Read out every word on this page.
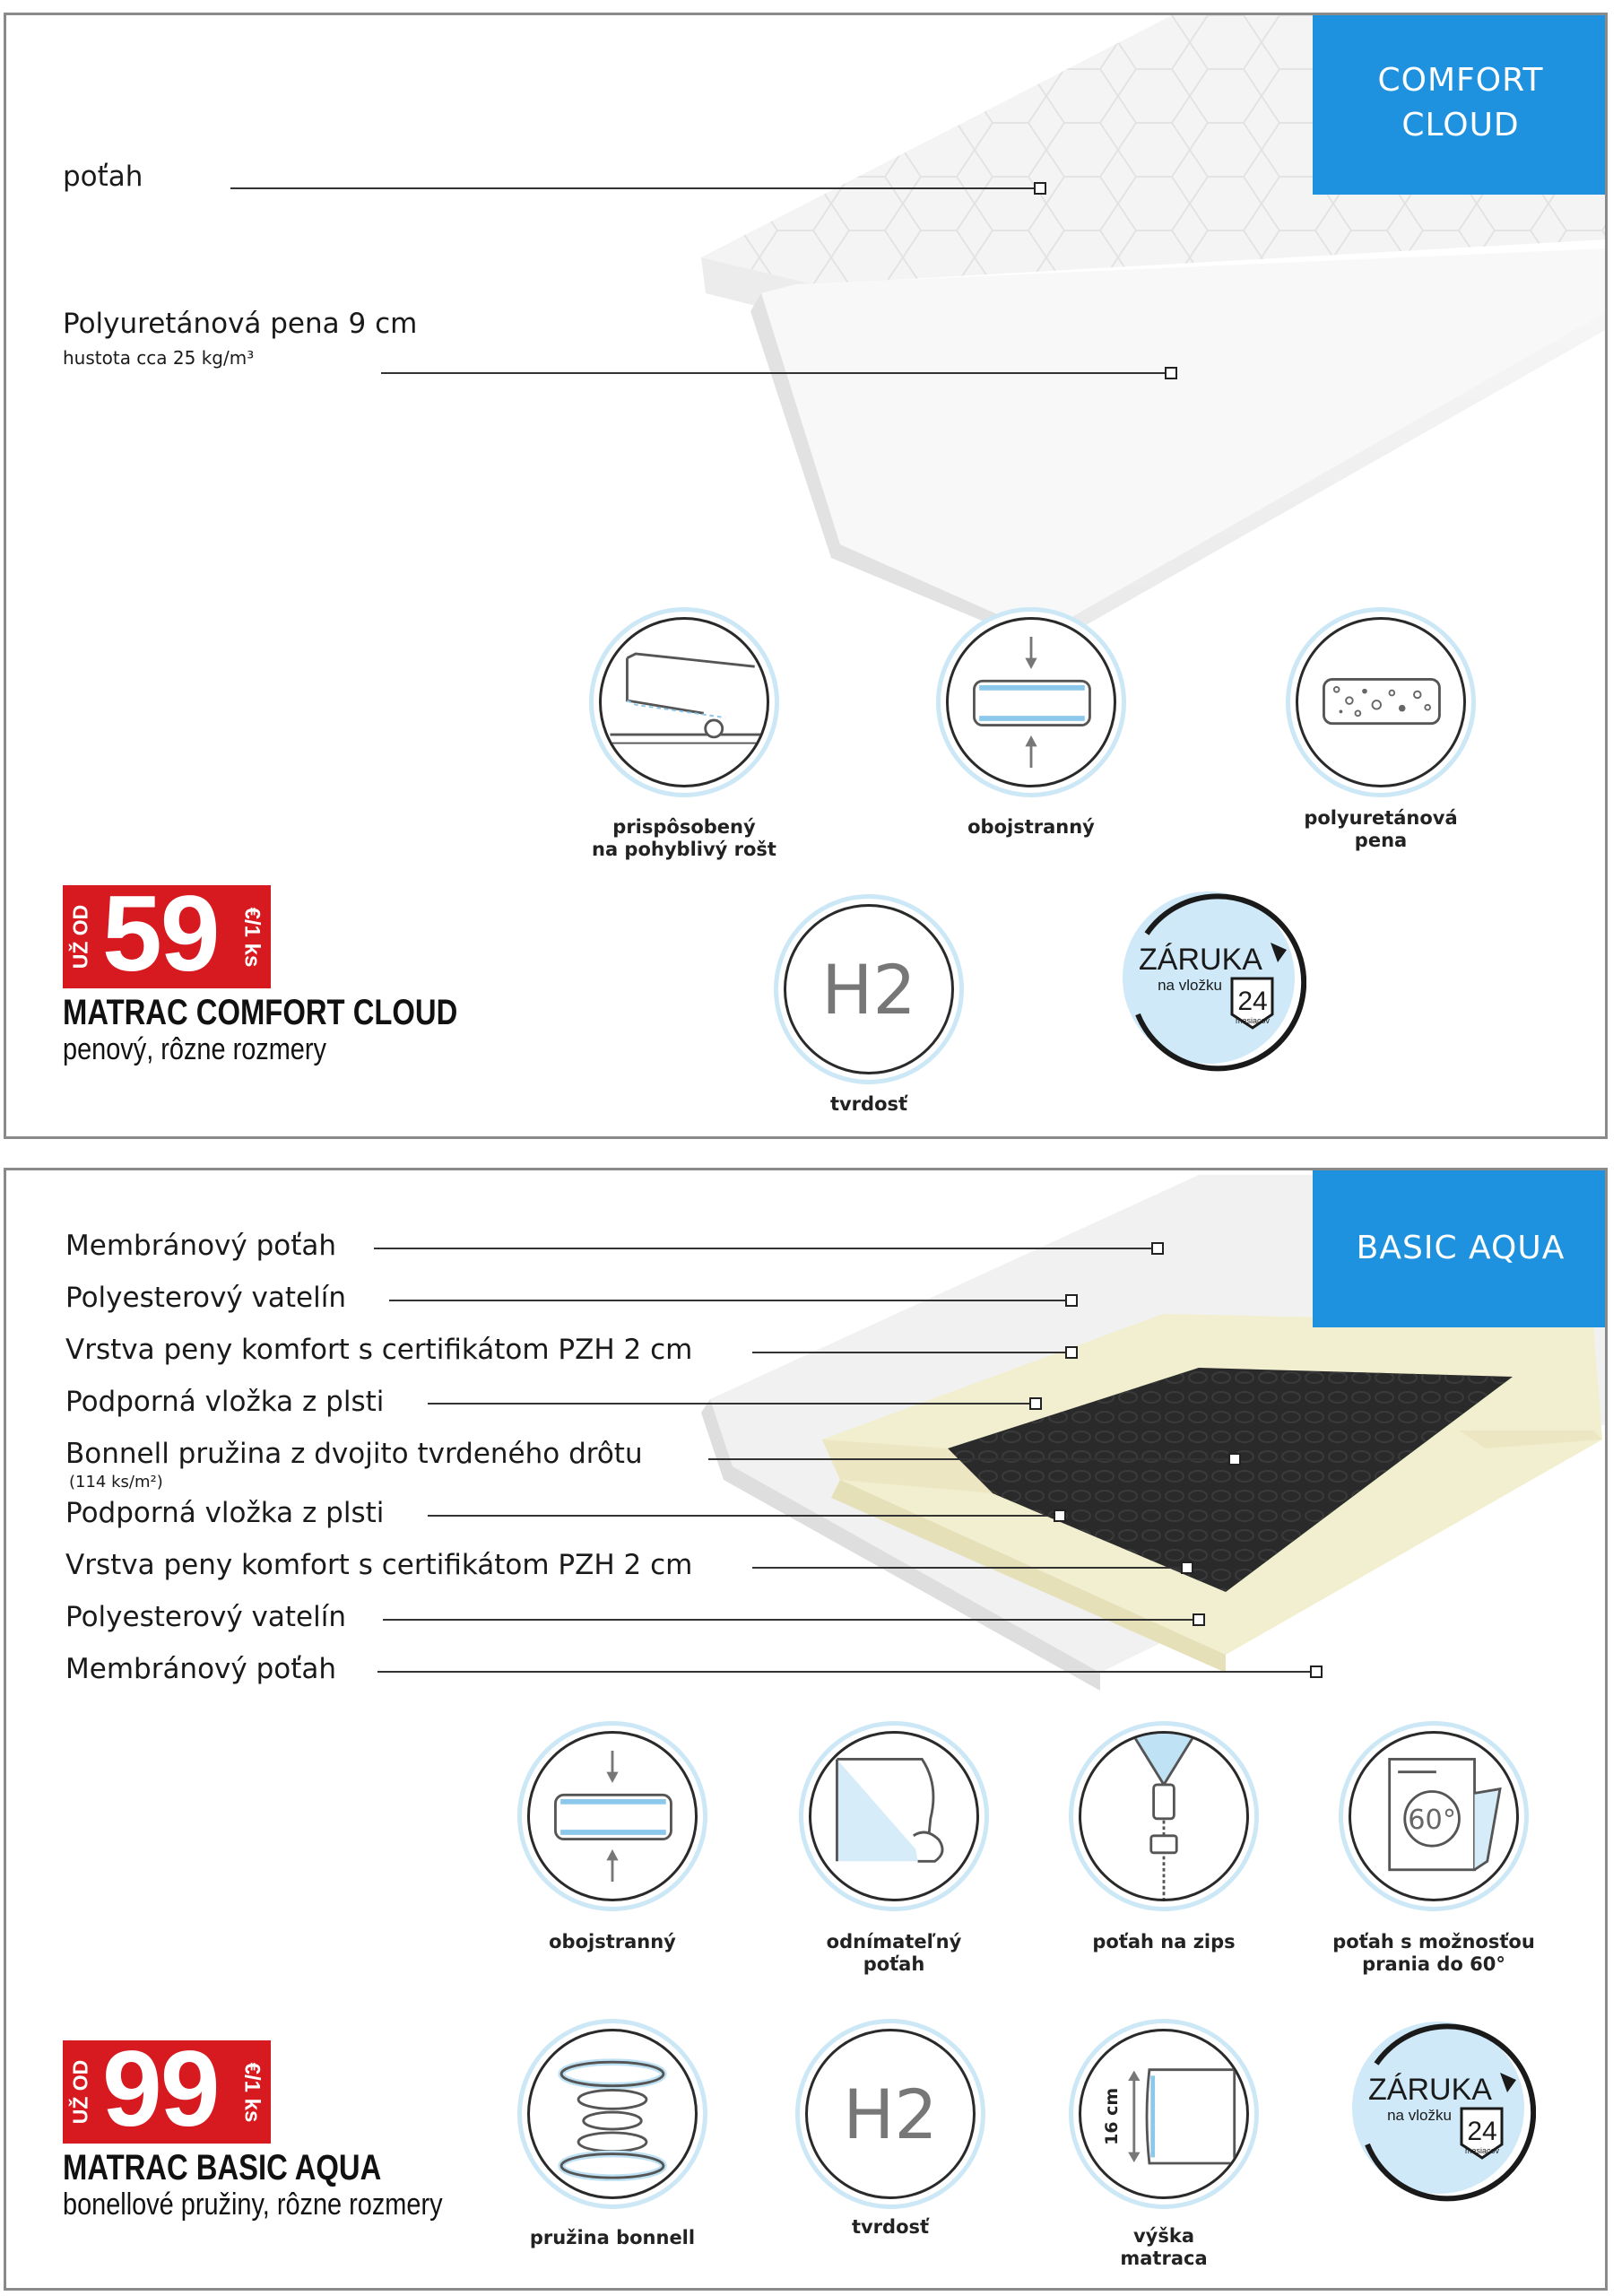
COMFORT
CLOUD
poťah
Polyuretánová pena 9 cm
hustota cca 25 kg/m³
prispôsobený
na pohyblivý rošt
obojstranný	polyuretánová
pena
H2
tvrdosť
ZÁRUKA
na vložku
24
mesiacov
UŽ OD 59 €/1 ks
MATRAC COMFORT CLOUD
penový, rôzne rozmery
BASIC AQUA
Membránový poťah
Polyesterový vatelín
Vrstva peny komfort s certifikátom PZH 2 cm
Podporná vložka z plsti
Bonnell pružina z dvojito tvrdeného drôtu
(114 ks/m²)
Podporná vložka z plsti
Vrstva peny komfort s certifikátom PZH 2 cm
Polyesterový vatelín
Membránový poťah
obojstranný	odnímateľný
poťah
poťah na zips
60°
poťah s možnosťou
prania do 60°
pružina bonnell
H2
tvrdosť
16 cm
výška
matraca
ZÁRUKA
na vložku
24
mesiacov
UŽ OD 99 €/1 ks
MATRAC BASIC AQUA
bonellové pružiny, rôzne rozmery
